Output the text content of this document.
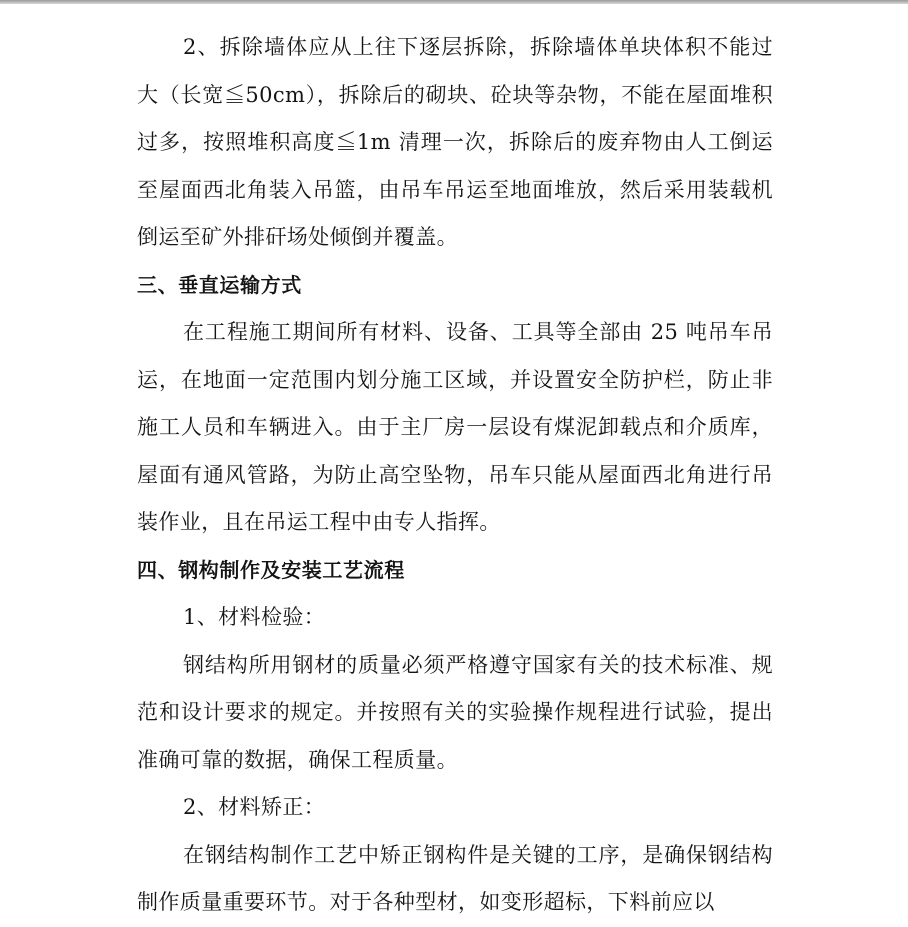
2、拆除墙体应从上往下逐层拆除，拆除墙体单块体积不能过大（长宽≦50cm），拆除后的砌块、砼块等杂物，不能在屋面堆积过多，按照堆积高度≦1m 清理一次，拆除后的废弃物由人工倒运至屋面西北角装入吊篮，由吊车吊运至地面堆放，然后采用装载机倒运至矿外排矸场处倾倒并覆盖。

三、垂直运输方式

在工程施工期间所有材料、设备、工具等全部由 25 吨吊车吊运，在地面一定范围内划分施工区域，并设置安全防护栏，防止非施工人员和车辆进入。由于主厂房一层设有煤泥卸载点和介质库，屋面有通风管路，为防止高空坠物，吊车只能从屋面西北角进行吊装作业，且在吊运工程中由专人指挥。

四、钢构制作及安装工艺流程

1、材料检验：

钢结构所用钢材的质量必须严格遵守国家有关的技术标准、规范和设计要求的规定。并按照有关的实验操作规程进行试验，提出准确可靠的数据，确保工程质量。

2、材料矫正：

在钢结构制作工艺中矫正钢构件是关键的工序，是确保钢结构制作质量重要环节。对于各种型材，如变形超标，下料前应以
